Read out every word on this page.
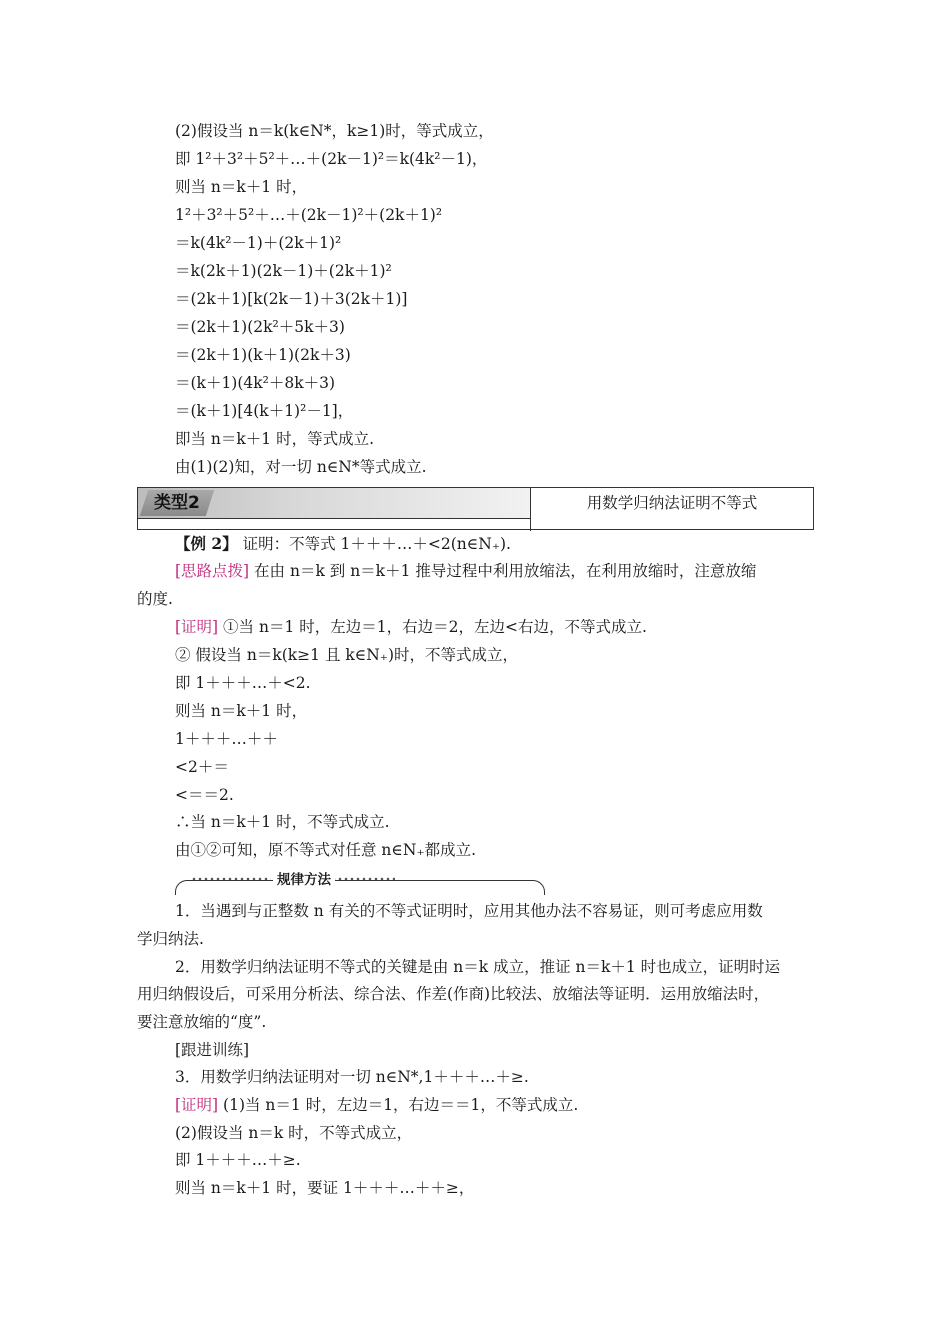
(2)假设当 n＝k(k∈N*，k≥1)时，等式成立，
即 1²＋3²＋5²＋…＋(2k－1)²＝k(4k²－1)，
则当 n＝k＋1 时，
1²＋3²＋5²＋…＋(2k－1)²＋(2k＋1)²
＝k(4k²－1)＋(2k＋1)²
＝k(2k＋1)(2k－1)＋(2k＋1)²
＝(2k＋1)[k(2k－1)＋3(2k＋1)]
＝(2k＋1)(2k²＋5k＋3)
＝(2k＋1)(k＋1)(2k＋3)
＝(k＋1)(4k²＋8k＋3)
＝(k＋1)[4(k＋1)²－1]，
即当 n＝k＋1 时，等式成立.
由(1)(2)知，对一切 n∈N*等式成立.
类型2	用数学归纳法证明不等式
【例 2】 证明：不等式 1＋＋＋…＋<2(n∈N₊).
[思路点拨] 在由 n＝k 到 n＝k＋1 推导过程中利用放缩法，在利用放缩时，注意放缩
的度.
[证明] ①当 n＝1 时，左边＝1，右边＝2，左边<右边，不等式成立.
② 假设当 n＝k(k≥1 且 k∈N₊)时，不等式成立，
即 1＋＋＋…＋<2.
则当 n＝k＋1 时，
1＋＋＋…＋＋
<2＋＝
<＝＝2.
∴当 n＝k＋1 时，不等式成立.
由①②可知，原不等式对任意 n∈N₊都成立.
规律方法
1．当遇到与正整数 n 有关的不等式证明时，应用其他办法不容易证，则可考虑应用数
学归纳法.
2．用数学归纳法证明不等式的关键是由 n＝k 成立，推证 n＝k＋1 时也成立，证明时运
用归纳假设后，可采用分析法、综合法、作差(作商)比较法、放缩法等证明．运用放缩法时，
要注意放缩的“度”.
[跟进训练]
3．用数学归纳法证明对一切 n∈N*,1＋＋＋…＋≥.
[证明] (1)当 n＝1 时，左边＝1，右边＝＝1，不等式成立.
(2)假设当 n＝k 时，不等式成立，
即 1＋＋＋…＋≥.
则当 n＝k＋1 时，要证 1＋＋＋…＋＋≥，
